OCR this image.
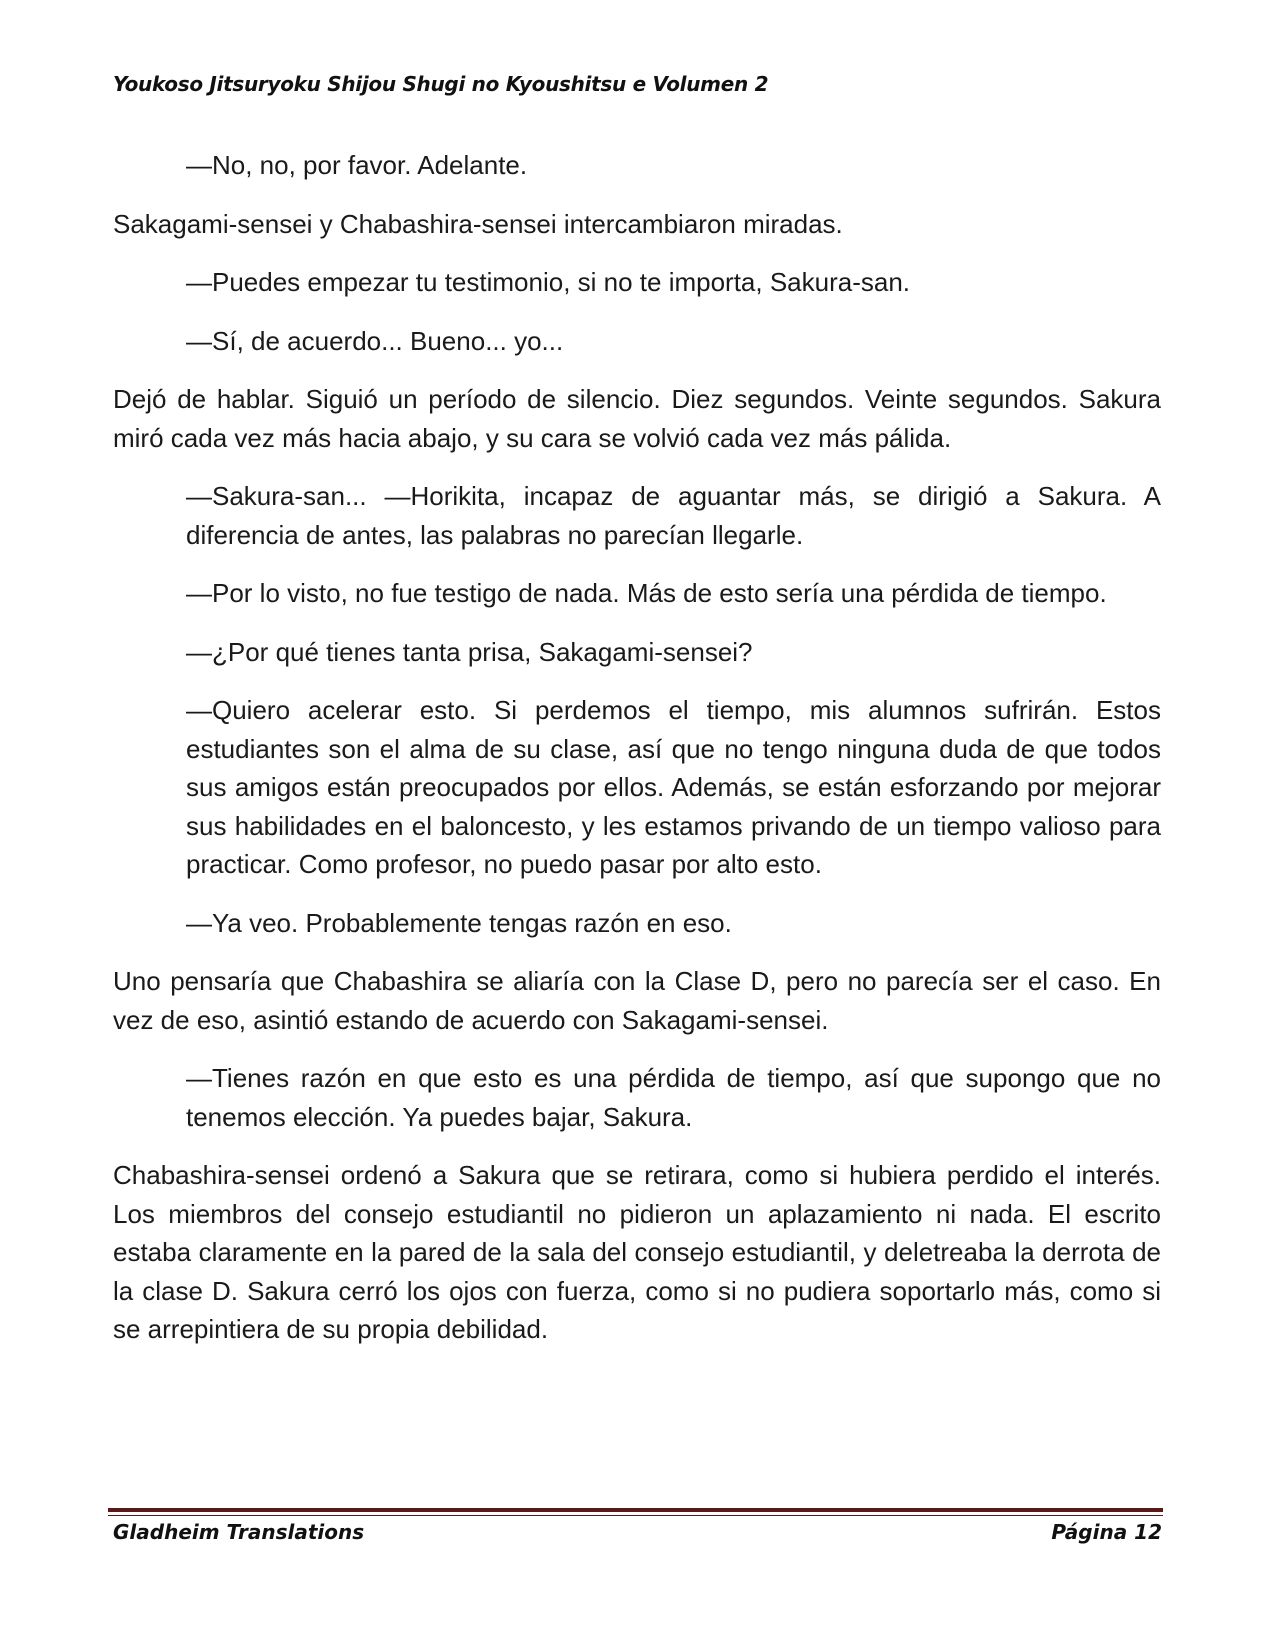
Youkoso Jitsuryoku Shijou Shugi no Kyoushitsu e Volumen 2

—No, no, por favor. Adelante.

Sakagami-sensei y Chabashira-sensei intercambiaron miradas.

—Puedes empezar tu testimonio, si no te importa, Sakura-san.

—Sí, de acuerdo... Bueno... yo...

Dejó de hablar. Siguió un período de silencio. Diez segundos. Veinte segundos. Sakura miró cada vez más hacia abajo, y su cara se volvió cada vez más pálida.

—Sakura-san... —Horikita, incapaz de aguantar más, se dirigió a Sakura. A diferencia de antes, las palabras no parecían llegarle.

—Por lo visto, no fue testigo de nada. Más de esto sería una pérdida de tiempo.

—¿Por qué tienes tanta prisa, Sakagami-sensei?

—Quiero acelerar esto. Si perdemos el tiempo, mis alumnos sufrirán. Estos estudiantes son el alma de su clase, así que no tengo ninguna duda de que todos sus amigos están preocupados por ellos. Además, se están esforzando por mejorar sus habilidades en el baloncesto, y les estamos privando de un tiempo valioso para practicar. Como profesor, no puedo pasar por alto esto.

—Ya veo. Probablemente tengas razón en eso.

Uno pensaría que Chabashira se aliaría con la Clase D, pero no parecía ser el caso. En vez de eso, asintió estando de acuerdo con Sakagami-sensei.

—Tienes razón en que esto es una pérdida de tiempo, así que supongo que no tenemos elección. Ya puedes bajar, Sakura.

Chabashira-sensei ordenó a Sakura que se retirara, como si hubiera perdido el interés. Los miembros del consejo estudiantil no pidieron un aplazamiento ni nada. El escrito estaba claramente en la pared de la sala del consejo estudiantil, y deletreaba la derrota de la clase D. Sakura cerró los ojos con fuerza, como si no pudiera soportarlo más, como si se arrepintiera de su propia debilidad.

Gladheim Translations	Página 12
